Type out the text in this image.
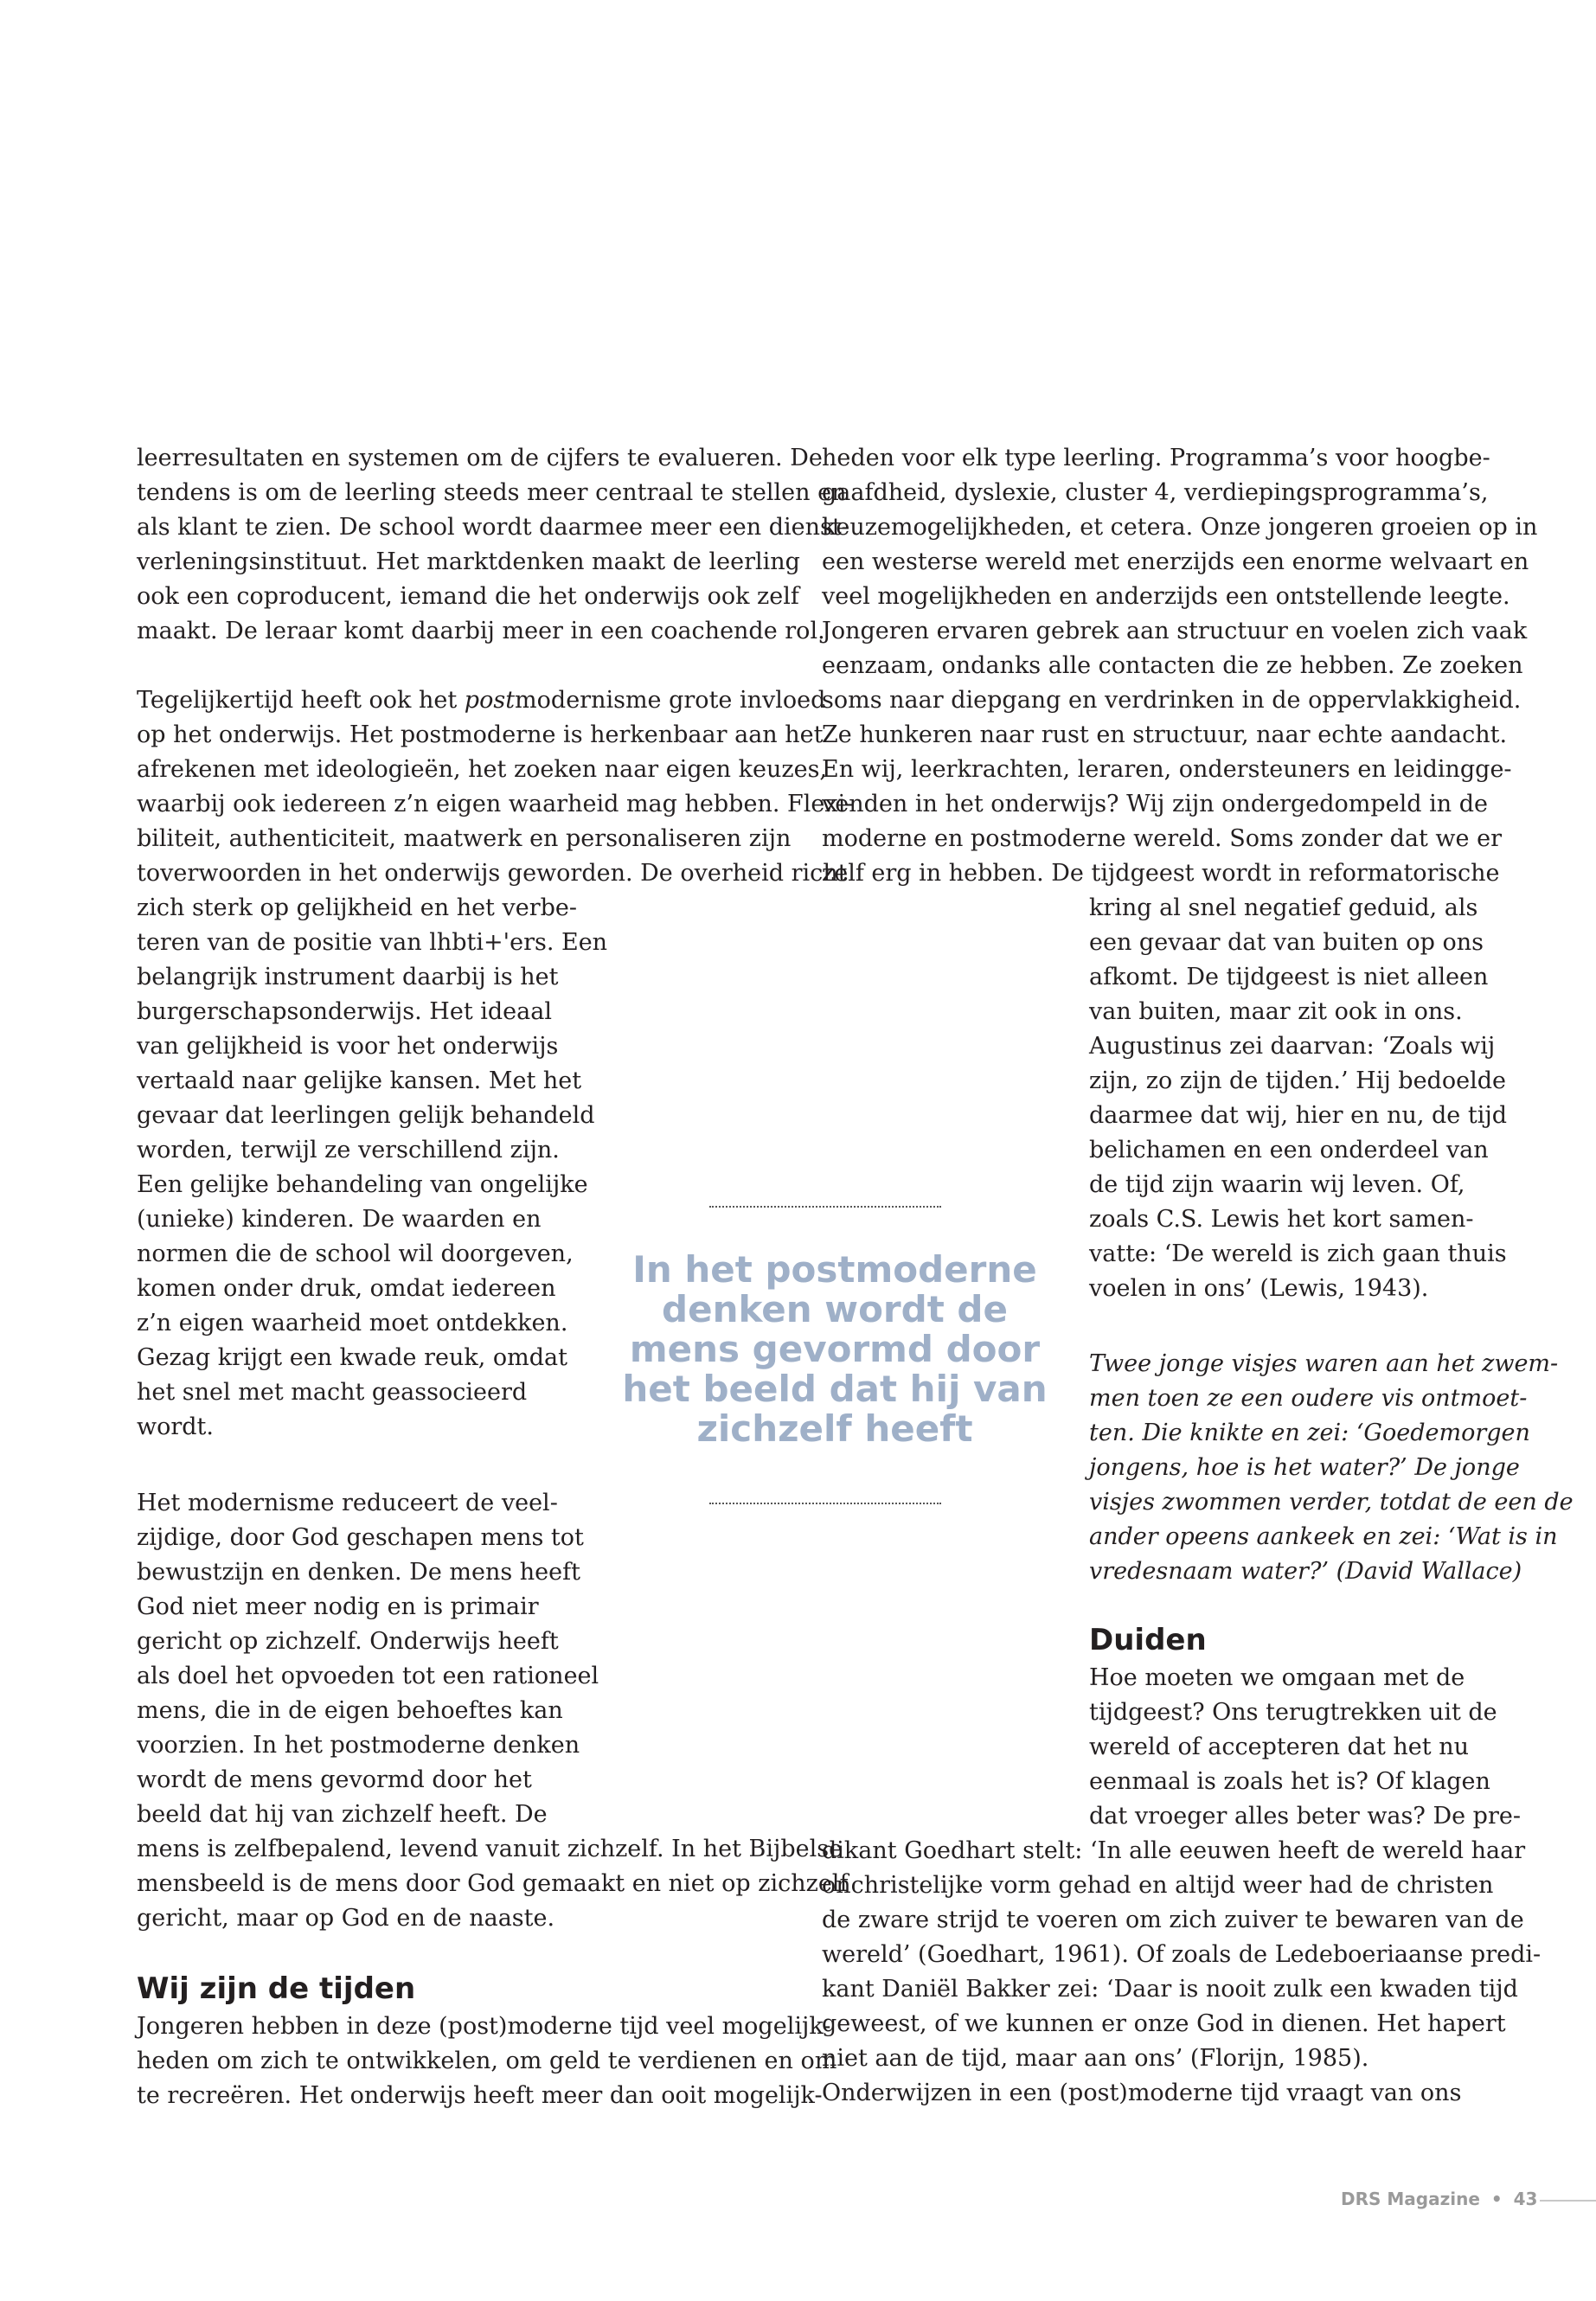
leerresultaten en systemen om de cijfers te evalueren. De
tendens is om de leerling steeds meer centraal te stellen en
als klant te zien. De school wordt daarmee meer een dienst-
verleningsinstituut. Het marktdenken maakt de leerling
ook een coproducent, iemand die het onderwijs ook zelf
maakt. De leraar komt daarbij meer in een coachende rol.
Tegelijkertijd heeft ook het postmodernisme grote invloed
op het onderwijs. Het postmoderne is herkenbaar aan het
afrekenen met ideologieën, het zoeken naar eigen keuzes,
waarbij ook iedereen z’n eigen waarheid mag hebben. Flexi-
biliteit, authenticiteit, maatwerk en personaliseren zijn
toverwoorden in het onderwijs geworden. De overheid richt
zich sterk op gelijkheid en het verbe-
teren van de positie van lhbti+'ers. Een
belangrijk instrument daarbij is het
burgerschapsonderwijs. Het ideaal
van gelijkheid is voor het onderwijs
vertaald naar gelijke kansen. Met het
gevaar dat leerlingen gelijk behandeld
worden, terwijl ze verschillend zijn.
Een gelijke behandeling van ongelijke
(unieke) kinderen. De waarden en
normen die de school wil doorgeven,
komen onder druk, omdat iedereen
z’n eigen waarheid moet ontdekken.
Gezag krijgt een kwade reuk, omdat
het snel met macht geassocieerd
wordt.
Het modernisme reduceert de veel-
zijdige, door God geschapen mens tot
bewustzijn en denken. De mens heeft
God niet meer nodig en is primair
gericht op zichzelf. Onderwijs heeft
als doel het opvoeden tot een rationeel
mens, die in de eigen behoeftes kan
voorzien. In het postmoderne denken
wordt de mens gevormd door het
beeld dat hij van zichzelf heeft. De
mens is zelfbepalend, levend vanuit zichzelf. In het Bijbelse
mensbeeld is de mens door God gemaakt en niet op zichzelf
gericht, maar op God en de naaste.
Wij zijn de tijden
Jongeren hebben in deze (post)moderne tijd veel mogelijk-
heden om zich te ontwikkelen, om geld te verdienen en om
te recreëren. Het onderwijs heeft meer dan ooit mogelijk-
In het postmoderne
denken wordt de
mens gevormd door
het beeld dat hij van
zichzelf heeft
heden voor elk type leerling. Programma’s voor hoogbe-
gaafdheid, dyslexie, cluster 4, verdiepingsprogramma’s,
keuzemogelijkheden, et cetera. Onze jongeren groeien op in
een westerse wereld met enerzijds een enorme welvaart en
veel mogelijkheden en anderzijds een ontstellende leegte.
Jongeren ervaren gebrek aan structuur en voelen zich vaak
eenzaam, ondanks alle contacten die ze hebben. Ze zoeken
soms naar diepgang en verdrinken in de oppervlakkigheid.
Ze hunkeren naar rust en structuur, naar echte aandacht.
En wij, leerkrachten, leraren, ondersteuners en leidingge-
venden in het onderwijs? Wij zijn ondergedompeld in de
moderne en postmoderne wereld. Soms zonder dat we er
zelf erg in hebben. De tijdgeest wordt in reformatorische
kring al snel negatief geduid, als
een gevaar dat van buiten op ons
afkomt. De tijdgeest is niet alleen
van buiten, maar zit ook in ons.
Augustinus zei daarvan: ‘Zoals wij
zijn, zo zijn de tijden.’ Hij bedoelde
daarmee dat wij, hier en nu, de tijd
belichamen en een onderdeel van
de tijd zijn waarin wij leven. Of,
zoals C.S. Lewis het kort samen-
vatte: ‘De wereld is zich gaan thuis
voelen in ons’ (Lewis, 1943).
Twee jonge visjes waren aan het zwem-
men toen ze een oudere vis ontmoet-
ten. Die knikte en zei: ‘Goedemorgen
jongens, hoe is het water?’ De jonge
visjes zwommen verder, totdat de een de
ander opeens aankeek en zei: ‘Wat is in
vredesnaam water?’ (David Wallace)
Duiden
Hoe moeten we omgaan met de
tijdgeest? Ons terugtrekken uit de
wereld of accepteren dat het nu
eenmaal is zoals het is? Of klagen
dat vroeger alles beter was? De pre-
dikant Goedhart stelt: ‘In alle eeuwen heeft de wereld haar
onchristelijke vorm gehad en altijd weer had de christen
de zware strijd te voeren om zich zuiver te bewaren van de
wereld’ (Goedhart, 1961). Of zoals de Ledeboeriaanse predi-
kant Daniël Bakker zei: ‘Daar is nooit zulk een kwaden tijd
geweest, of we kunnen er onze God in dienen. Het hapert
niet aan de tijd, maar aan ons’ (Florijn, 1985).
Onderwijzen in een (post)moderne tijd vraagt van ons
DRS Magazine • 43
